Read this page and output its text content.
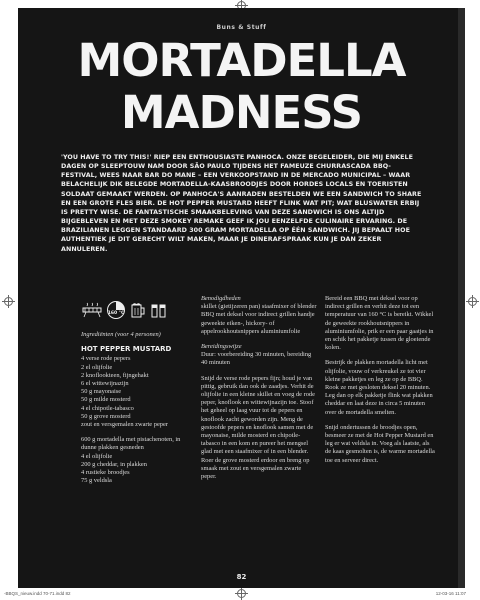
Buns & Stuff
MORTADELLA
MADNESS
'YOU HAVE TO TRY THIS!' RIEP EEN ENTHOUSIASTE PANHOCA. ONZE BEGELEIDER, DIE MIJ ENKELE DAGEN OP SLEEPTOUW NAM DOOR SÃO PAULO TIJDENS HET FAMEUZE CHURRASCADA BBQ-FESTIVAL, WEES NAAR BAR DO MANE – EEN VERKOOPSTAND IN DE MERCADO MUNICIPAL – WAAR BELACHELIJK DIK BELEGDE MORTADELLA-KAASBROODJES DOOR HORDES LOCALS EN TOERISTEN SOLDAAT GEMAAKT WERDEN. OP PANHOCA'S AANRADEN BESTELDEN WE EEN SANDWICH TO SHARE EN EEN GROTE FLES BIER. DE HOT PEPPER MUSTARD HEEFT FLINK WAT PIT; WAT BLUSWATER ERBIJ IS PRETTY WISE. DE FANTASTISCHE SMAAKBELEVING VAN DEZE SANDWICH IS ONS ALTIJD BIJGEBLEVEN EN MET DEZE SMOKEY REMAKE GEEF IK JOU EENZELFDE CULINAIRE ERVARING. DE BRAZILIANEN LEGGEN STANDAARD 300 GRAM MORTADELLA OP ÉÉN SANDWICH. JIJ BEPAALT HOE AUTHENTIEK JE DIT GERECHT WILT MAKEN, MAAR JE DINERAFSPRAAK KUN JE DAN ZEKER ANNULEREN.
160 °C
Ingrediënten (voor 4 personen)
HOT PEPPER MUSTARD
4 verse rode pepers
2 el olijfolie
2 knoflookteen, fijngehakt
6 el wittewijnazijn
50 g mayonaise
50 g milde mosterd
4 el chipotle-tabasco
50 g grove mosterd
zout en versgemalen zwarte peper
600 g mortadella met pistachenoten, in dunne plakken gesneden
4 el olijfolie
200 g cheddar, in plakken
4 rustieke broodjes
75 g veldsla
Benodigdheden
skillet (gietijzeren pan) staafmixer of blender BBQ met deksel voor indirect grillen handje geweekte eiken-, hickory- of appelrookhoutsnippers aluminiumfolie
Bereidingswijze
Duur: voorbereiding 30 minuten, bereiding 40 minuten
Snijd de verse rode pepers fijn; houd je van pittig, gebruik dan ook de zaadjes. Verhit de olijfolie in een kleine skillet en voeg de rode peper, knoflook en wittewijnazijn toe. Stoof het geheel op laag vuur tot de pepers en knoflook zacht geworden zijn. Meng de gestoofde pepers en knoflook samen met de mayonaise, milde mosterd en chipotle-tabasco in een kom en pureer het mengsel glad met een staafmixer of in een blender. Roer de grove mosterd erdoor en breng op smaak met zout en versgemalen zwarte peper.
Bereid een BBQ met deksel voor op indirect grillen en verhit deze tot een temperatuur van 160 °C is bereikt. Wikkel de geweekte rookhoutsnippers in aluminiumfolie, prik er een paar gaatjes in en schik het pakketje tussen de gloeiende kolen.
Bestrijk de plakken mortadella licht met olijfolie, vouw of verkreukel ze tot vier kleine pakketjes en leg ze op de BBQ. Rook ze met gesloten deksel 20 minuten. Leg dan op elk pakketje flink wat plakken cheddar en laat deze in circa 5 minuten over de mortadella smelten.
Snijd ondertussen de broodjes open, besmeer ze met de Hot Pepper Mustard en leg er wat veldsla in. Voeg als laatste, als de kaas gesmolten is, de warme mortadella toe en serveer direct.
82
-BBQS_nieuw.indd 70-71.indd 82	12-03-16 11:07
